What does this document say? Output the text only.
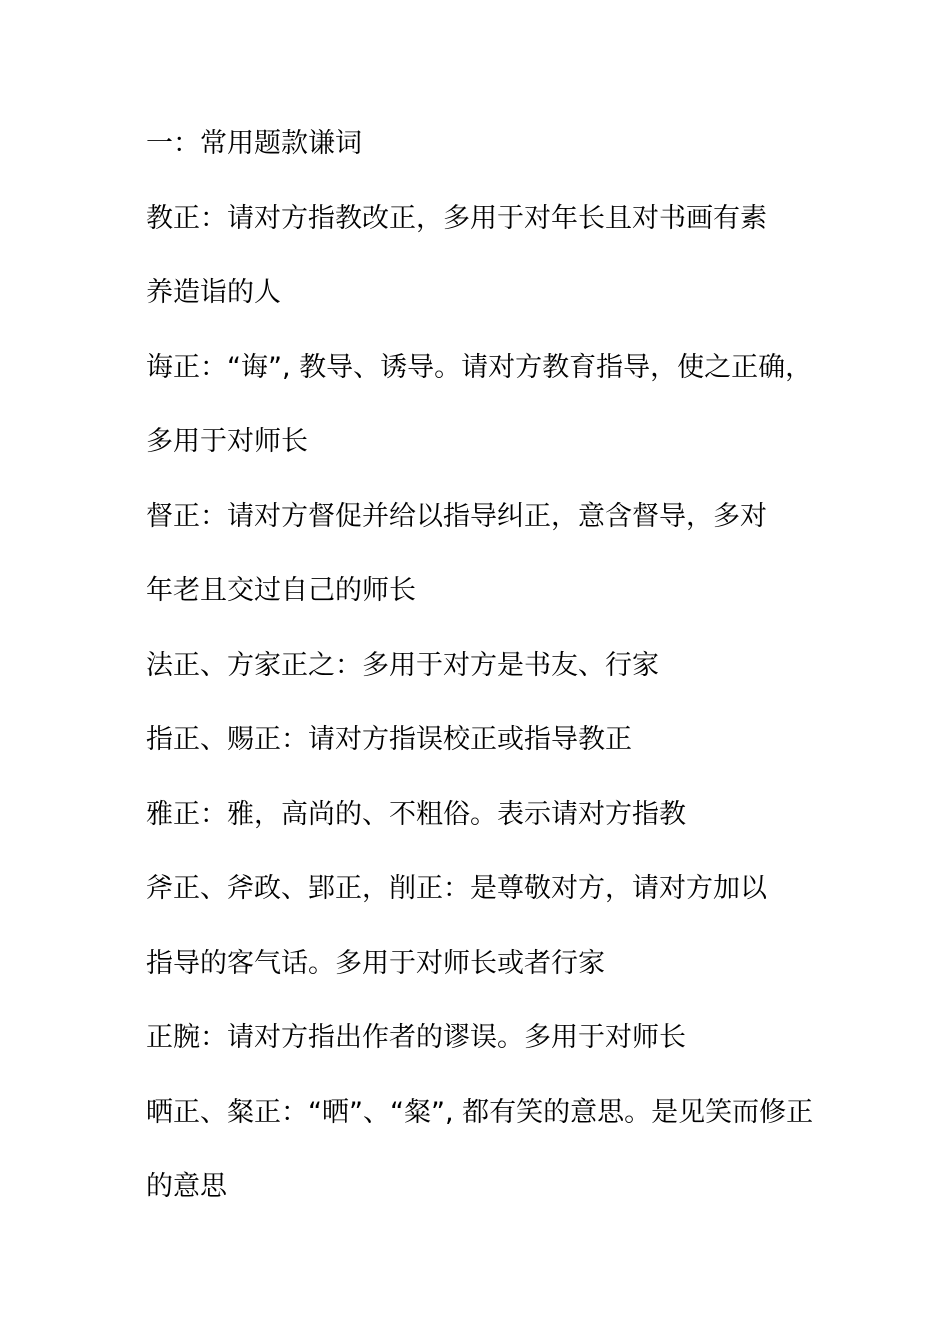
一：常用题款谦词
教正：请对方指教改正，多用于对年长且对书画有素
养造诣的人
诲正：“诲”, 教导、诱导。请对方教育指导，使之正确，
多用于对师长
督正：请对方督促并给以指导纠正，意含督导，多对
年老且交过自己的师长
法正、方家正之：多用于对方是书友、行家
指正、赐正：请对方指误校正或指导教正
雅正：雅，高尚的、不粗俗。表示请对方指教
斧正、斧政、郢正，削正：是尊敬对方，请对方加以
指导的客气话。多用于对师长或者行家
正腕：请对方指出作者的谬误。多用于对师长
晒正、粲正：“晒”、“粲”, 都有笑的意思。是见笑而修正
的意思
